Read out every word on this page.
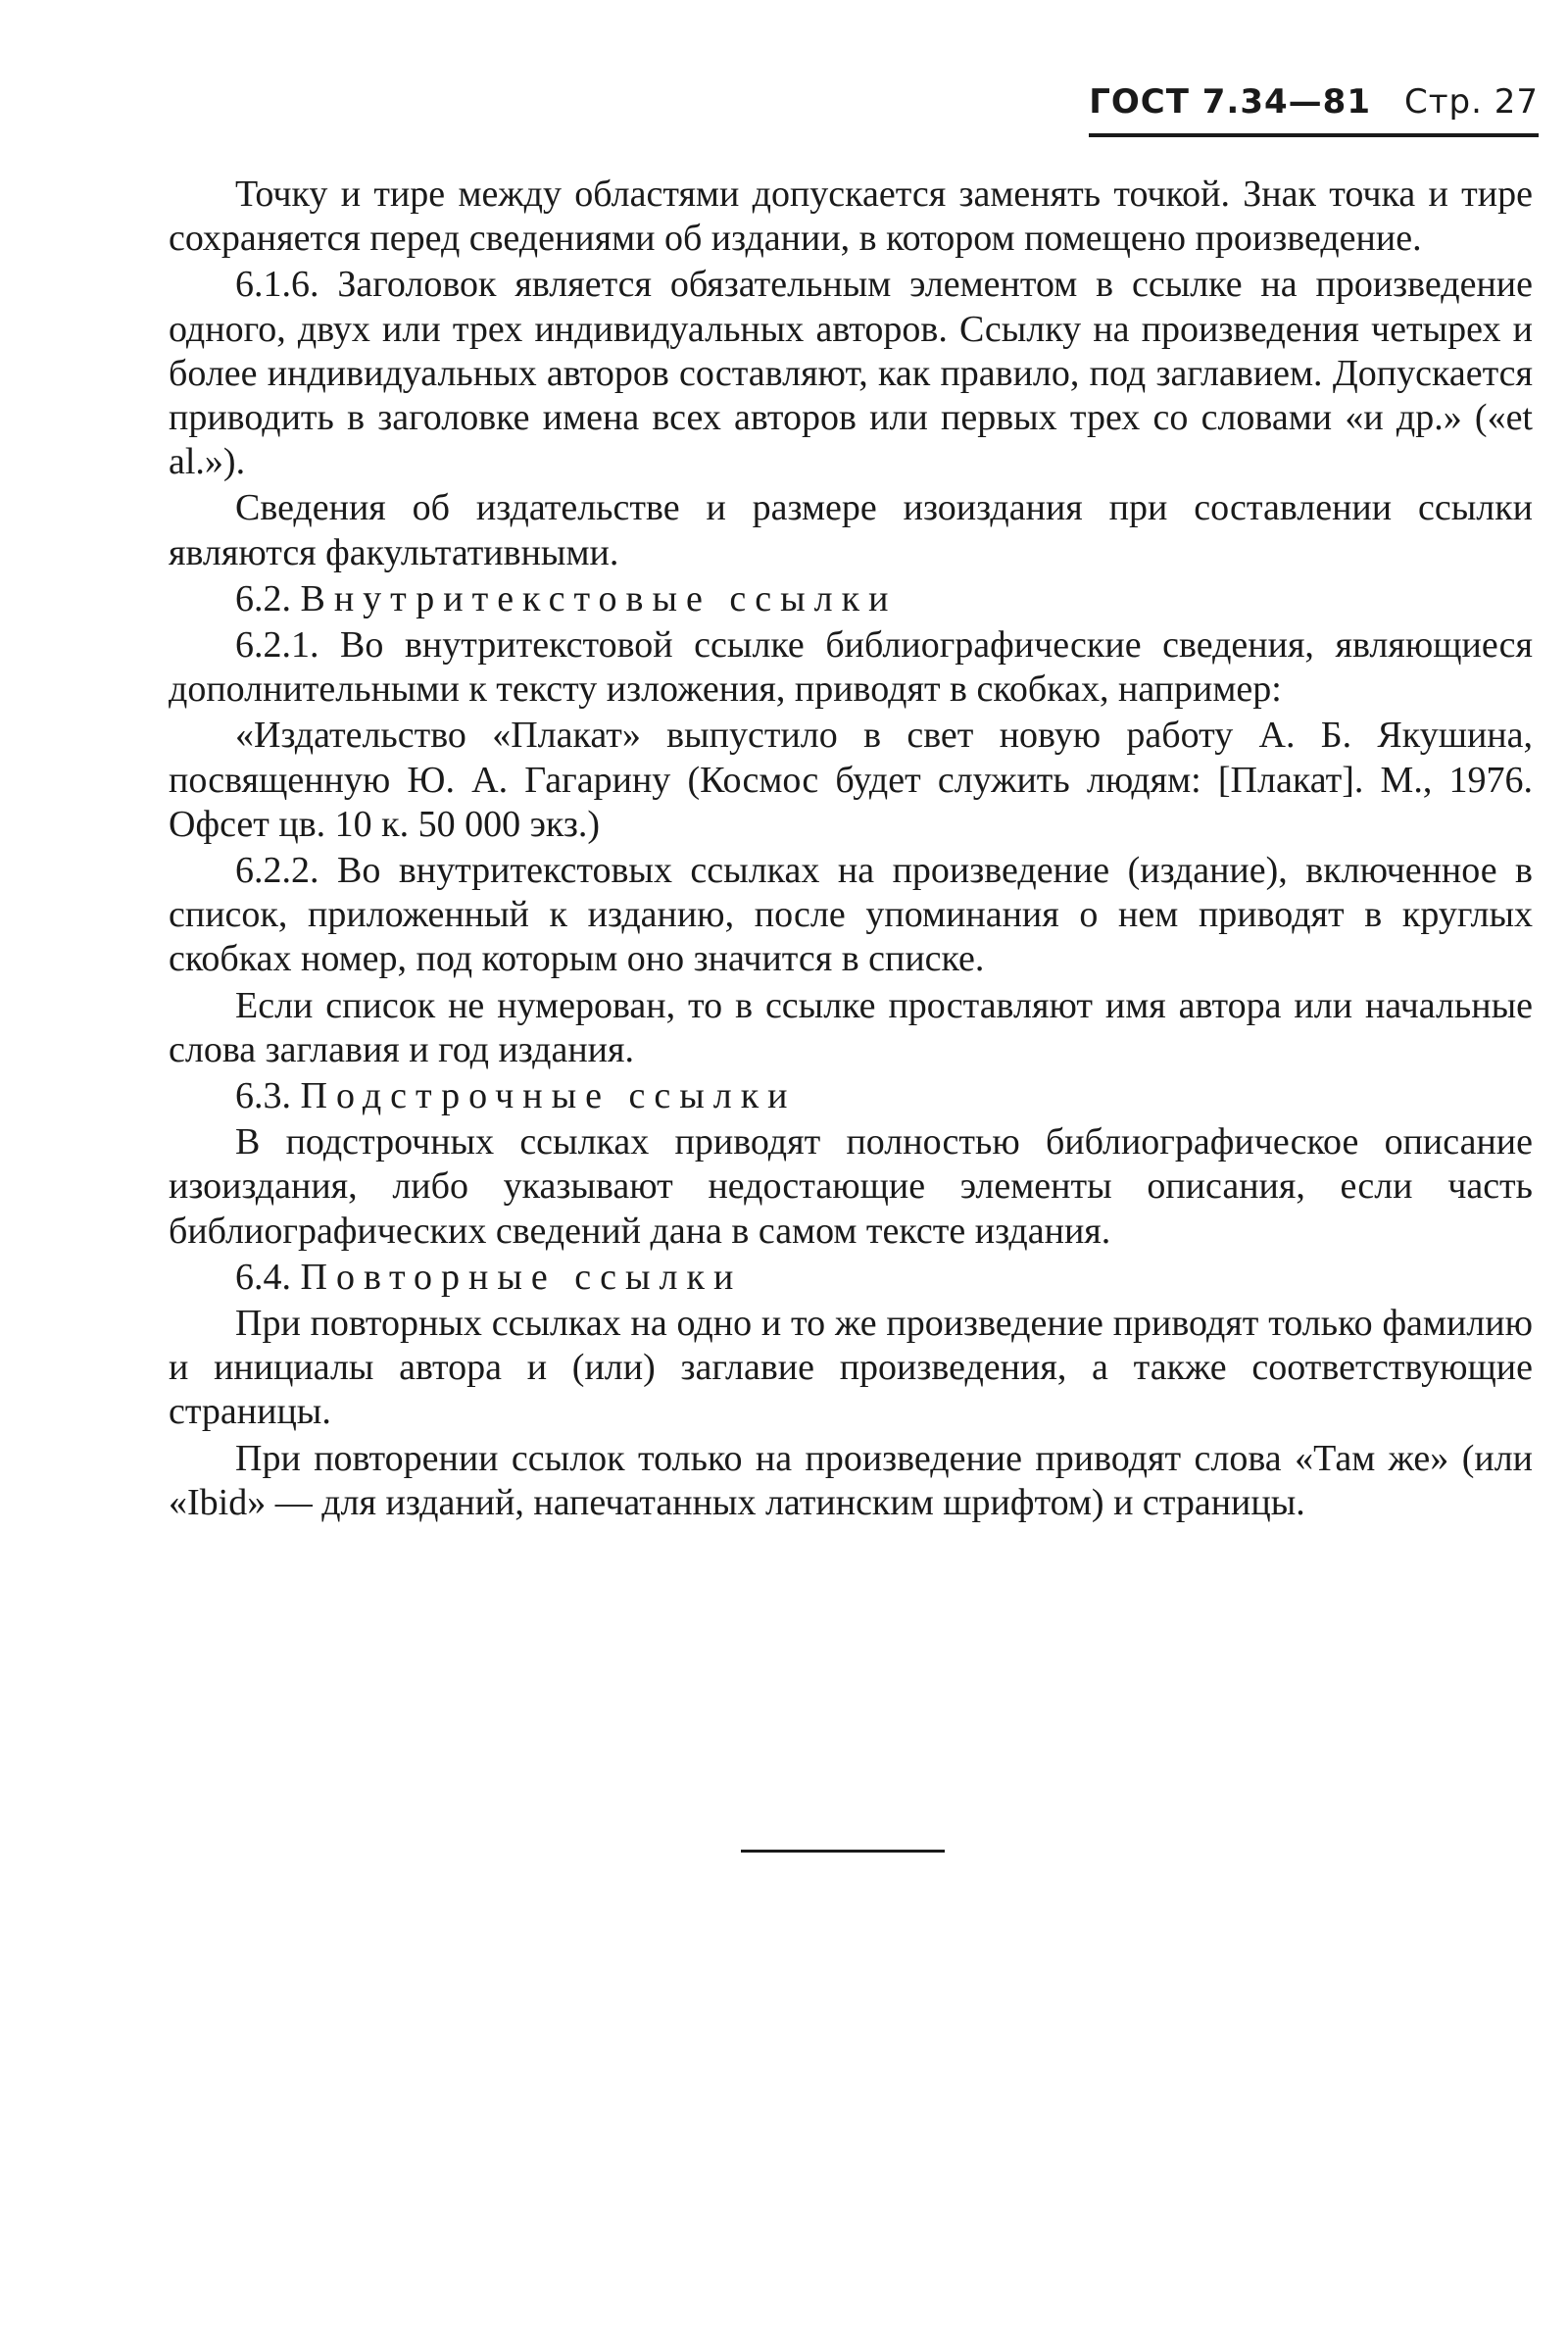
ГОСТ 7.34—81 Стр. 27

Точку и тире между областями допускается заменять точкой. Знак точка и тире сохраняется перед сведениями об издании, в котором помещено произведение.

6.1.6. Заголовок является обязательным элементом в ссылке на произведение одного, двух или трех индивидуальных авторов. Ссылку на произведения четырех и более индивидуальных авторов составляют, как правило, под заглавием. Допускается приводить в заголовке имена всех авторов или первых трех со словами «и др.» («et al.»).

Сведения об издательстве и размере изоиздания при составлении ссылки являются факультативными.

6.2. Внутритекстовые ссылки

6.2.1. Во внутритекстовой ссылке библиографические сведения, являющиеся дополнительными к тексту изложения, приводят в скобках, например:

«Издательство «Плакат» выпустило в свет новую работу А. Б. Якушина, посвященную Ю. А. Гагарину (Космос будет служить людям: [Плакат]. М., 1976. Офсет цв. 10 к. 50 000 экз.)

6.2.2. Во внутритекстовых ссылках на произведение (издание), включенное в список, приложенный к изданию, после упоминания о нем приводят в круглых скобках номер, под которым оно значится в списке.

Если список не нумерован, то в ссылке проставляют имя автора или начальные слова заглавия и год издания.

6.3. Подстрочные ссылки

В подстрочных ссылках приводят полностью библиографическое описание изоиздания, либо указывают недостающие элементы описания, если часть библиографических сведений дана в самом тексте издания.

6.4. Повторные ссылки

При повторных ссылках на одно и то же произведение приводят только фамилию и инициалы автора и (или) заглавие произведения, а также соответствующие страницы.

При повторении ссылок только на произведение приводят слова «Там же» (или «Ibid» — для изданий, напечатанных латинским шрифтом) и страницы.
